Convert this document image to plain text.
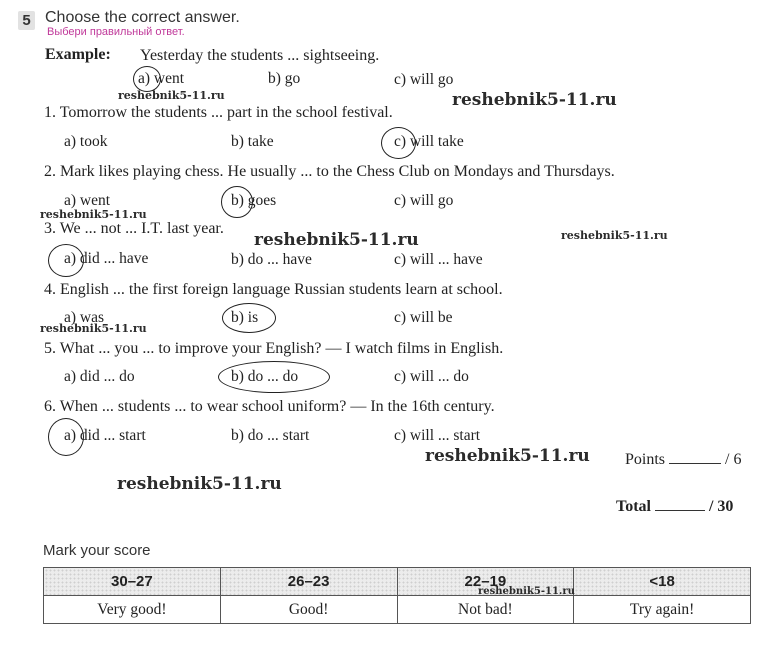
5 Choose the correct answer.
Выбери правильный ответ.
Example: Yesterday the students ... sightseeing.
a) went	b) go	c) will go
1. Tomorrow the students ... part in the school festival.
a) took	b) take	c) will take
2. Mark likes playing chess. He usually ... to the Chess Club on Mondays and Thursdays.
a) went	b) goes	c) will go
3. We ... not ... I.T. last year.
a) did ... have	b) do ... have	c) will ... have
4. English ... the first foreign language Russian students learn at school.
a) was	b) is	c) will be
5. What ... you ... to improve your English? — I watch films in English.
a) did ... do	b) do ... do	c) will ... do
6. When ... students ... to wear school uniform? — In the 16th century.
a) did ... start	b) do ... start	c) will ... start
Points	/ 6
Total	/ 30
reshebnik5-11.ru	reshebnik5-11.ru
reshebnik5-11.ru
reshebnik5-11.ru	reshebnik5-11.ru
reshebnik5-11.ru
reshebnik5-11.ru
reshebnik5-11.ru
Mark your score
30–27	26–23	22–19	<18
Very good!	Good!	Not bad!	Try again!
reshebnik5-11.ru
